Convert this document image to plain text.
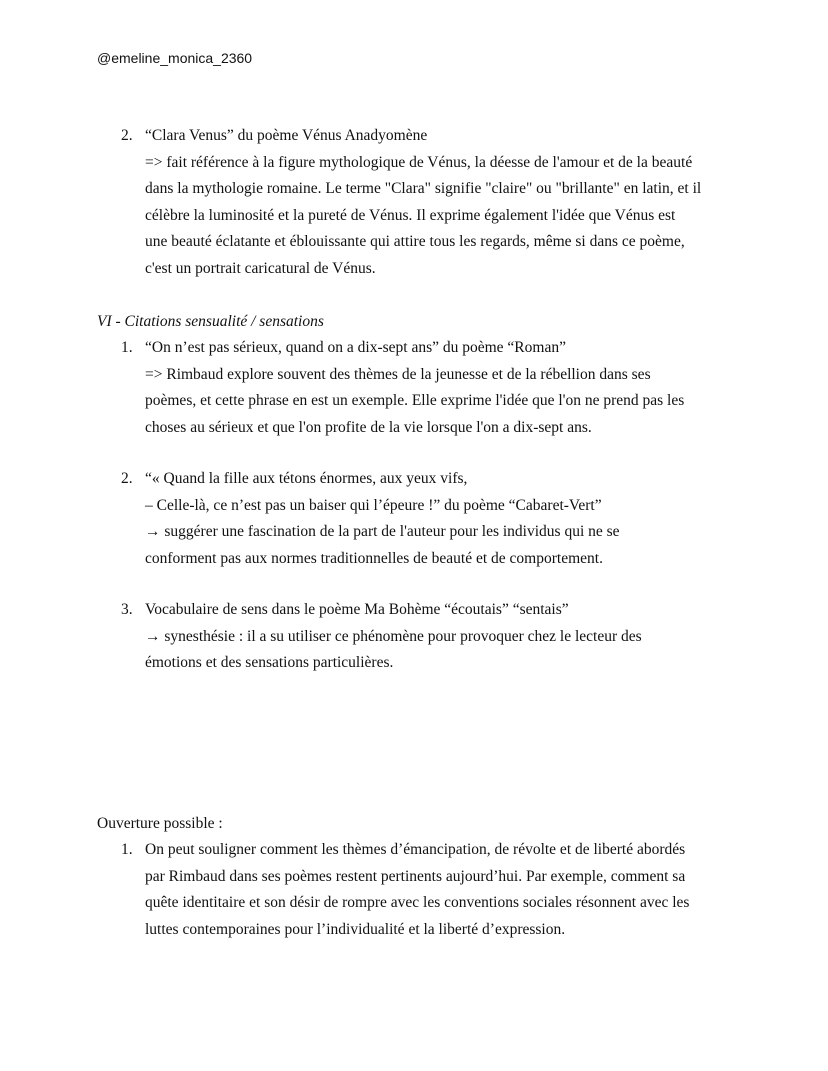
@emeline_monica_2360
2. “Clara Venus” du poème Vénus Anadyomène
=> fait référence à la figure mythologique de Vénus, la déesse de l'amour et de la beauté
dans la mythologie romaine. Le terme "Clara" signifie "claire" ou "brillante" en latin, et il
célèbre la luminosité et la pureté de Vénus. Il exprime également l'idée que Vénus est
une beauté éclatante et éblouissante qui attire tous les regards, même si dans ce poème,
c'est un portrait caricatural de Vénus.
VI - Citations sensualité / sensations
1. “On n’est pas sérieux, quand on a dix-sept ans” du poème “Roman”
=> Rimbaud explore souvent des thèmes de la jeunesse et de la rébellion dans ses
poèmes, et cette phrase en est un exemple. Elle exprime l'idée que l'on ne prend pas les
choses au sérieux et que l'on profite de la vie lorsque l'on a dix-sept ans.
2. “« Quand la fille aux tétons énormes, aux yeux vifs,
– Celle-là, ce n’est pas un baiser qui l’épeure !” du poème “Cabaret-Vert”
→ suggérer une fascination de la part de l'auteur pour les individus qui ne se
conforment pas aux normes traditionnelles de beauté et de comportement.
3. Vocabulaire de sens dans le poème Ma Bohème “écoutais” “sentais”
→ synesthésie : il a su utiliser ce phénomène pour provoquer chez le lecteur des
émotions et des sensations particulières.
Ouverture possible :
1. On peut souligner comment les thèmes d’émancipation, de révolte et de liberté abordés
par Rimbaud dans ses poèmes restent pertinents aujourd’hui. Par exemple, comment sa
quête identitaire et son désir de rompre avec les conventions sociales résonnent avec les
luttes contemporaines pour l’individualité et la liberté d’expression.
